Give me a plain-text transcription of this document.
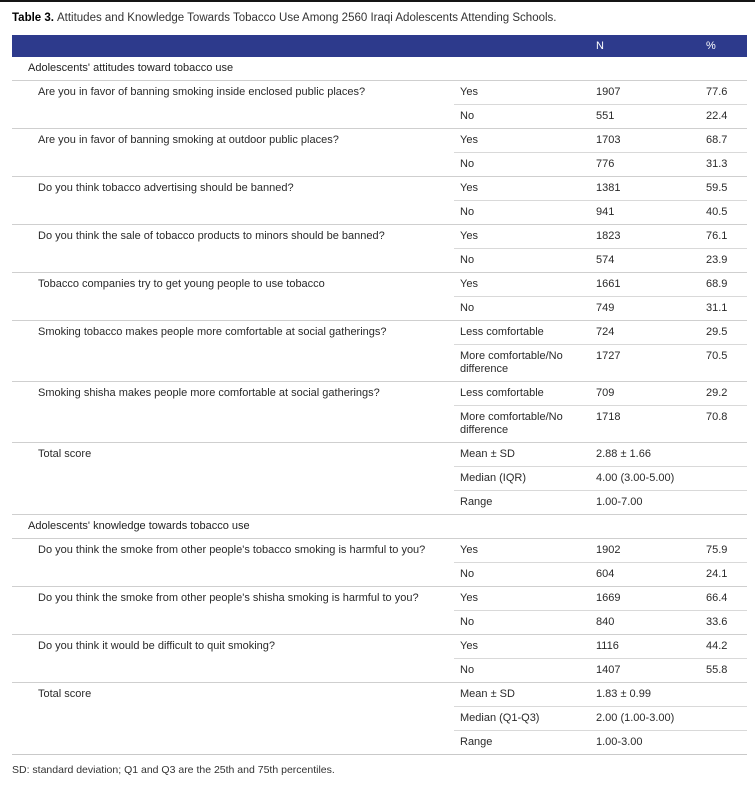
Table 3. Attitudes and Knowledge Towards Tobacco Use Among 2560 Iraqi Adolescents Attending Schools.
		N	%
Adolescents' attitudes toward tobacco use			
Are you in favor of banning smoking inside enclosed public places?	Yes	1907	77.6
	No	551	22.4
Are you in favor of banning smoking at outdoor public places?	Yes	1703	68.7
	No	776	31.3
Do you think tobacco advertising should be banned?	Yes	1381	59.5
	No	941	40.5
Do you think the sale of tobacco products to minors should be banned?	Yes	1823	76.1
	No	574	23.9
Tobacco companies try to get young people to use tobacco	Yes	1661	68.9
	No	749	31.1
Smoking tobacco makes people more comfortable at social gatherings?	Less comfortable	724	29.5
	More comfortable/No difference	1727	70.5
Smoking shisha makes people more comfortable at social gatherings?	Less comfortable	709	29.2
	More comfortable/No difference	1718	70.8
Total score	Mean ± SD	2.88 ± 1.66	
	Median (IQR)	4.00 (3.00-5.00)	
	Range	1.00-7.00	
Adolescents' knowledge towards tobacco use			
Do you think the smoke from other people's tobacco smoking is harmful to you?	Yes	1902	75.9
	No	604	24.1
Do you think the smoke from other people's shisha smoking is harmful to you?	Yes	1669	66.4
	No	840	33.6
Do you think it would be difficult to quit smoking?	Yes	1116	44.2
	No	1407	55.8
Total score	Mean ± SD	1.83 ± 0.99	
	Median (Q1-Q3)	2.00 (1.00-3.00)	
	Range	1.00-3.00	
SD: standard deviation; Q1 and Q3 are the 25th and 75th percentiles.
